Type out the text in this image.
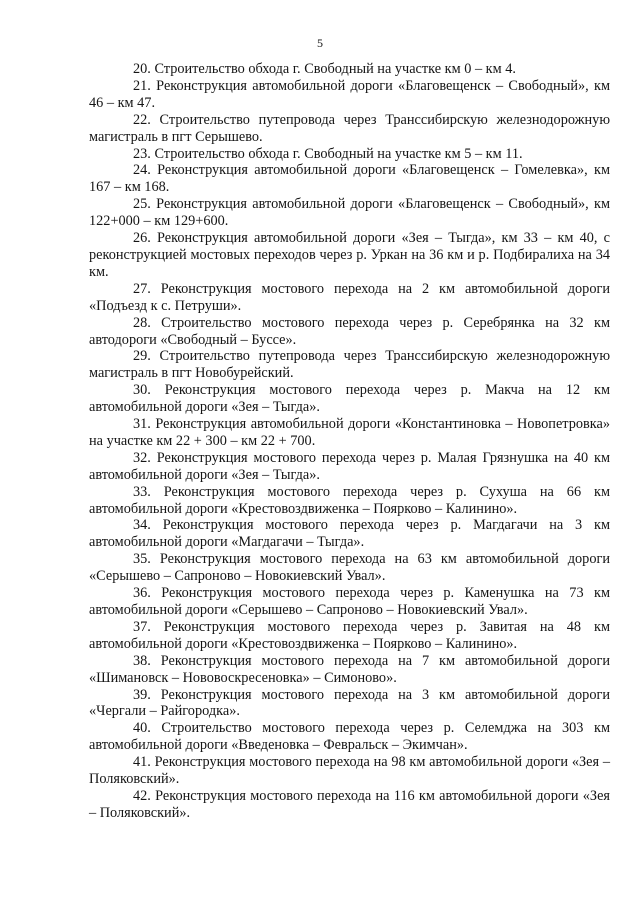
5

20. Строительство обхода г. Свободный на участке км 0 – км 4.

21. Реконструкция автомобильной дороги «Благовещенск – Свободный», км 46 – км 47.

22. Строительство путепровода через Транссибирскую железнодорожную магистраль в пгт Серышево.

23. Строительство обхода г. Свободный на участке км 5 – км 11.

24. Реконструкция автомобильной дороги «Благовещенск – Гомелевка», км 167 – км 168.

25. Реконструкция автомобильной дороги «Благовещенск – Свободный», км 122+000 – км 129+600.

26. Реконструкция автомобильной дороги «Зея – Тыгда», км 33 – км 40, с реконструкцией мостовых переходов через р. Уркан на 36 км и р. Подбиралиха на 34 км.

27. Реконструкция мостового перехода на 2 км автомобильной дороги «Подъезд к с. Петруши».

28. Строительство мостового перехода через р. Серебрянка на 32 км автодороги «Свободный – Буссе».

29. Строительство путепровода через Транссибирскую железнодорожную магистраль в пгт Новобурейский.

30. Реконструкция мостового перехода через р. Макча на 12 км автомобильной дороги «Зея – Тыгда».

31. Реконструкция автомобильной дороги «Константиновка – Новопетровка» на участке км 22 + 300 – км 22 + 700.

32. Реконструкция мостового перехода через р. Малая Грязнушка на 40 км автомобильной дороги «Зея – Тыгда».

33. Реконструкция мостового перехода через р. Сухуша на 66 км автомобильной дороги «Крестовоздвиженка – Поярково – Калинино».

34. Реконструкция мостового перехода через р. Магдагачи на 3 км автомобильной дороги «Магдагачи – Тыгда».

35. Реконструкция мостового перехода на 63 км автомобильной дороги «Серышево – Сапроново – Новокиевский Увал».

36. Реконструкция мостового перехода через р. Каменушка на 73 км автомобильной дороги «Серышево – Сапроново – Новокиевский Увал».

37. Реконструкция мостового перехода через р. Завитая на 48 км автомобильной дороги «Крестовоздвиженка – Поярково – Калинино».

38. Реконструкция мостового перехода на 7 км автомобильной дороги «Шимановск – Нововоскресеновка» – Симоново».

39. Реконструкция мостового перехода на 3 км автомобильной дороги «Чергали – Райгородка».

40. Строительство мостового перехода через р. Селемджа на 303 км автомобильной дороги «Введеновка – Февральск – Экимчан».

41. Реконструкция мостового перехода на 98 км автомобильной дороги «Зея – Поляковский».

42. Реконструкция мостового перехода на 116 км автомобильной дороги «Зея – Поляковский».
